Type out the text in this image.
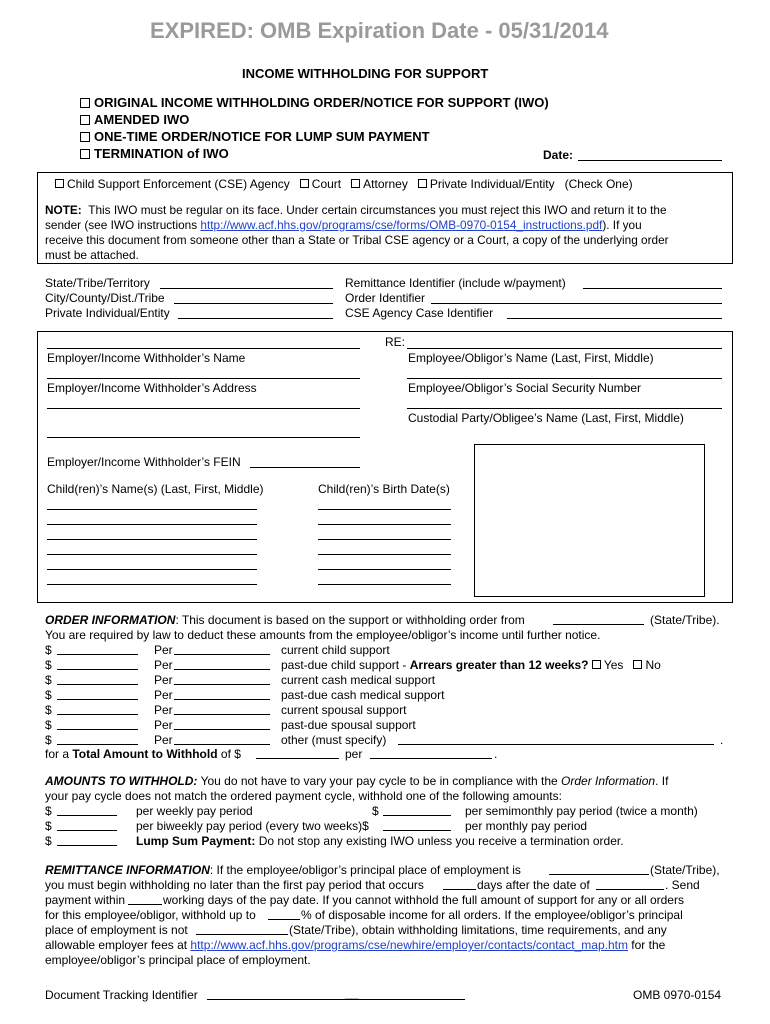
EXPIRED: OMB Expiration Date - 05/31/2014
INCOME WITHHOLDING FOR SUPPORT
ORIGINAL INCOME WITHHOLDING ORDER/NOTICE FOR SUPPORT (IWO)
AMENDED IWO
ONE-TIME ORDER/NOTICE FOR LUMP SUM PAYMENT
TERMINATION of IWO	Date:
Child Support Enforcement (CSE) Agency Court Attorney Private Individual/Entity (Check One)
NOTE: This IWO must be regular on its face. Under certain circumstances you must reject this IWO and return it to the
sender (see IWO instructions http://www.acf.hhs.gov/programs/cse/forms/OMB-0970-0154_instructions.pdf). If you
receive this document from someone other than a State or Tribal CSE agency or a Court, a copy of the underlying order
must be attached.
State/Tribe/Territory
City/County/Dist./Tribe
Private Individual/Entity
Remittance Identifier (include w/payment)
Order Identifier
CSE Agency Case Identifier
Employer/Income Withholder’s Name
Employer/Income Withholder’s Address
Employer/Income Withholder’s FEIN
RE:
Employee/Obligor’s Name (Last, First, Middle)
Employee/Obligor’s Social Security Number
Custodial Party/Obligee’s Name (Last, First, Middle)
Child(ren)’s Name(s) (Last, First, Middle)	Child(ren)’s Birth Date(s)
ORDER INFORMATION: This document is based on the support or withholding order from	(State/Tribe).
You are required by law to deduct these amounts from the employee/obligor’s income until further notice.
$	Per	current child support
$	Per	past-due child support - Arrears greater than 12 weeks? Yes No
$	Per	current cash medical support
$	Per	past-due cash medical support
$	Per	current spousal support
$	Per	past-due spousal support
$	Per	other (must specify)	.
for a Total Amount to Withhold of $	per	.
AMOUNTS TO WITHHOLD: You do not have to vary your pay cycle to be in compliance with the Order Information. If
your pay cycle does not match the ordered payment cycle, withhold one of the following amounts:
$	per weekly pay period	$	per semimonthly pay period (twice a month)
$	per biweekly pay period (every two weeks)$	per monthly pay period
$	Lump Sum Payment: Do not stop any existing IWO unless you receive a termination order.
REMITTANCE INFORMATION: If the employee/obligor’s principal place of employment is	(State/Tribe),
you must begin withholding no later than the first pay period that occurs	days after the date of	. Send
payment within	working days of the pay date. If you cannot withhold the full amount of support for any or all orders
for this employee/obligor, withhold up to	% of disposable income for all orders. If the employee/obligor’s principal
place of employment is not	(State/Tribe), obtain withholding limitations, time requirements, and any
allowable employer fees at http://www.acf.hhs.gov/programs/cse/newhire/employer/contacts/contact_map.htm for the
employee/obligor’s principal place of employment.
Document Tracking Identifier	__	OMB 0970-0154
